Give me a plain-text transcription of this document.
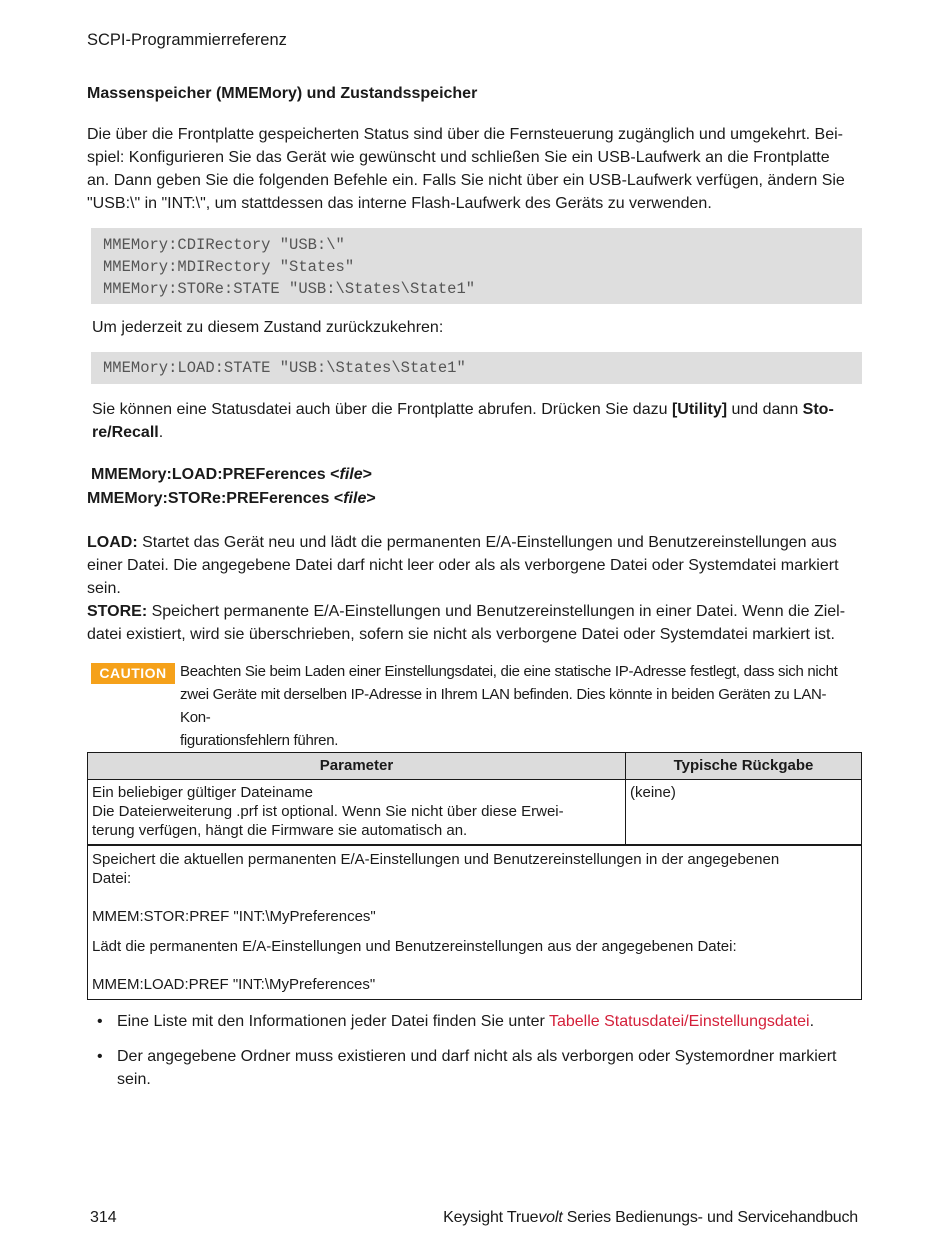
SCPI-Programmierreferenz
Massenspeicher (MMEMory) und Zustandsspeicher
Die über die Frontplatte gespeicherten Status sind über die Fernsteuerung zugänglich und umgekehrt. Bei-
spiel: Konfigurieren Sie das Gerät wie gewünscht und schließen Sie ein USB-Laufwerk an die Frontplatte
an. Dann geben Sie die folgenden Befehle ein. Falls Sie nicht über ein USB-Laufwerk verfügen, ändern Sie
"USB:\" in "INT:\", um stattdessen das interne Flash-Laufwerk des Geräts zu verwenden.
MMEMory:CDIRectory "USB:\"
MMEMory:MDIRectory "States"
MMEMory:STORe:STATE "USB:\States\State1"
Um jederzeit zu diesem Zustand zurückzukehren:
MMEMory:LOAD:STATE "USB:\States\State1"
Sie können eine Statusdatei auch über die Frontplatte abrufen. Drücken Sie dazu [Utility] und dann Sto-
re/Recall.
MMEMory:LOAD:PREFerences <file>
MMEMory:STORe:PREFerences <file>
LOAD: Startet das Gerät neu und lädt die permanenten E/A-Einstellungen und Benutzereinstellungen aus
einer Datei. Die angegebene Datei darf nicht leer oder als als verborgene Datei oder Systemdatei markiert
sein.
STORE: Speichert permanente E/A-Einstellungen und Benutzereinstellungen in einer Datei. Wenn die Ziel-
datei existiert, wird sie überschrieben, sofern sie nicht als verborgene Datei oder Systemdatei markiert ist.
CAUTION Beachten Sie beim Laden einer Einstellungsdatei, die eine statische IP-Adresse festlegt, dass sich nicht
zwei Geräte mit derselben IP-Adresse in Ihrem LAN befinden. Dies könnte in beiden Geräten zu LAN-Kon-
figurationsfehlern führen.
Parameter	Typische Rückgabe

Ein beliebiger gültiger Dateiname
Die Dateierweiterung .prf ist optional. Wenn Sie nicht über diese Erwei-
terung verfügen, hängt die Firmware sie automatisch an.	(keine)

Speichert die aktuellen permanenten E/A-Einstellungen und Benutzereinstellungen in der angegebenen
Datei:
MMEM:STOR:PREF "INT:\MyPreferences"
Lädt die permanenten E/A-Einstellungen und Benutzereinstellungen aus der angegebenen Datei:
MMEM:LOAD:PREF "INT:\MyPreferences"	
• Eine Liste mit den Informationen jeder Datei finden Sie unter Tabelle Statusdatei/Einstellungsdatei.
• Der angegebene Ordner muss existieren und darf nicht als als verborgen oder Systemordner markiert
sein.
314	Keysight Truevolt Series Bedienungs- und Servicehandbuch
